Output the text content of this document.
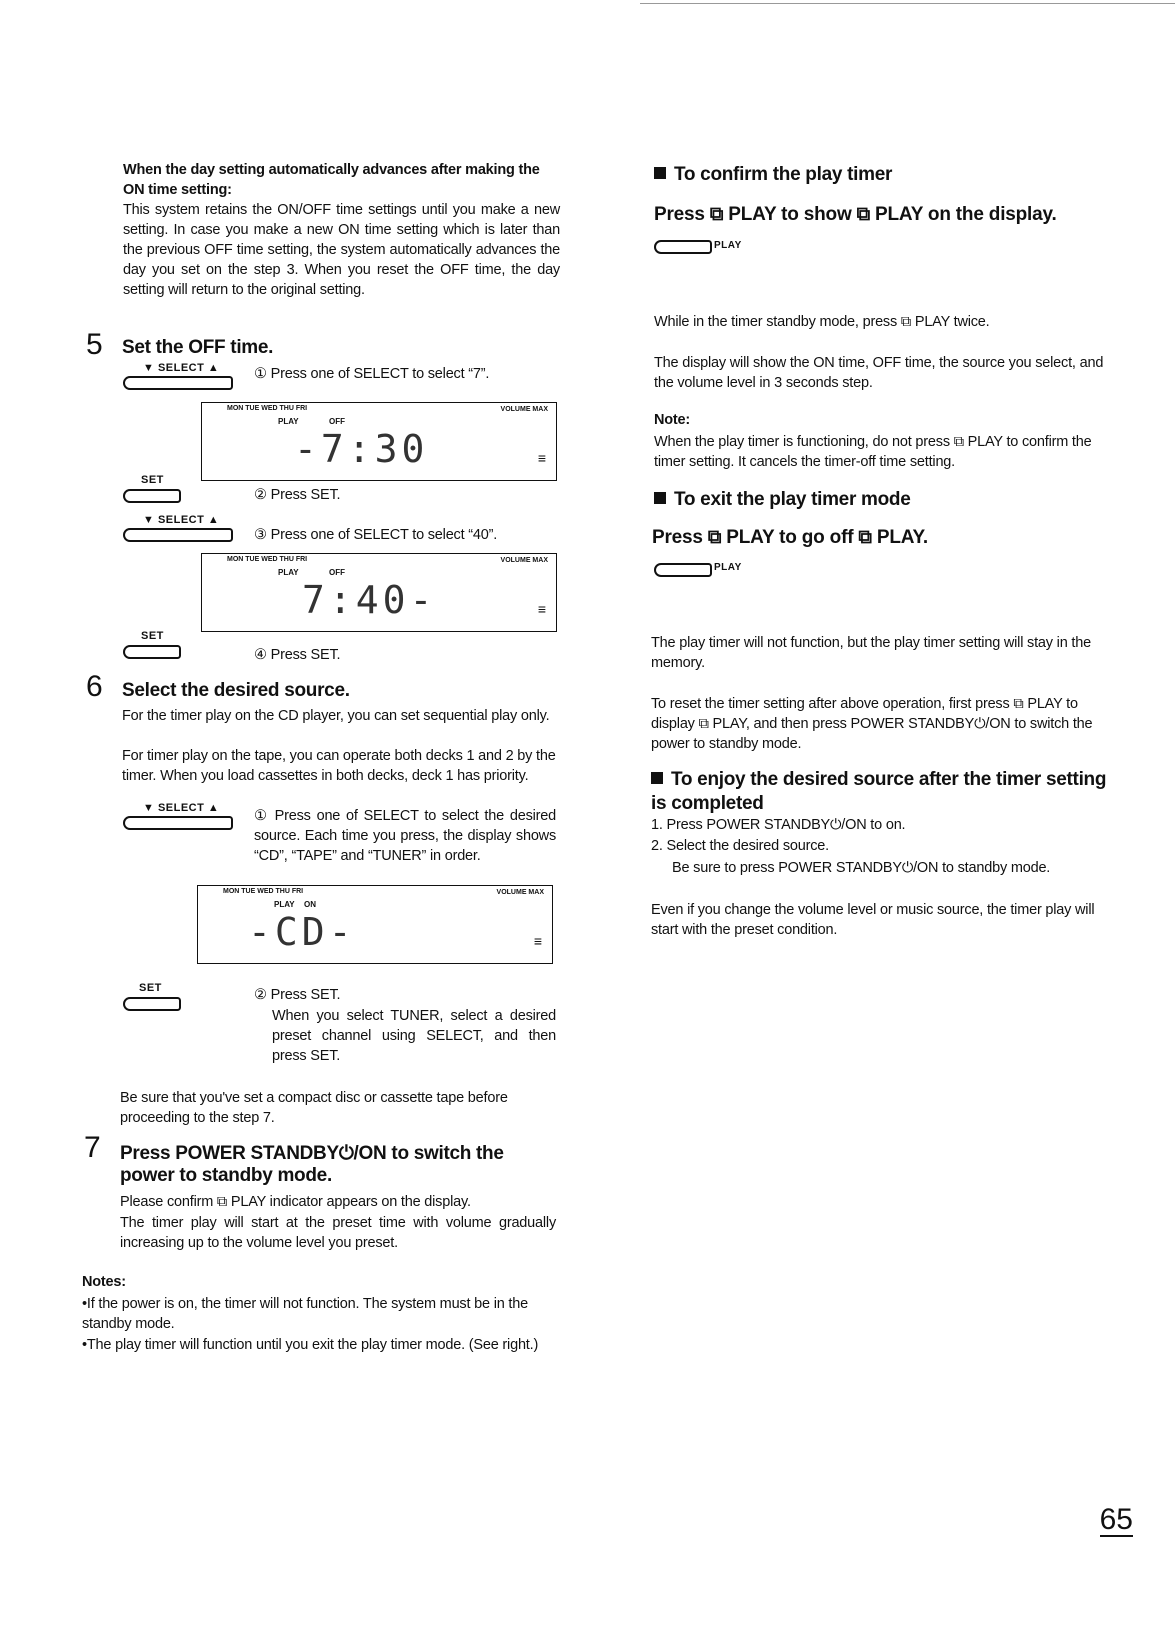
When the day setting automatically advances after making the ON time setting:
This system retains the ON/OFF time settings until you make a new setting. In case you make a new ON time setting which is later than the previous OFF time setting, the system automatically advances the day you set on the step 3. When you reset the OFF time, the day setting will return to the original setting.
5 Set the OFF time.
▼ SELECT ▲ ① Press one of SELECT to select “7”.
MON TUE WED THU FRI
PLAY	OFF
VOLUME MAX
-7:30	≡
SET
② Press SET.
▼ SELECT ▲
③ Press one of SELECT to select “40”.
MON TUE WED THU FRI
PLAY	OFF
VOLUME MAX
7:40-	≡
SET
④ Press SET.
6 Select the desired source.
For the timer play on the CD player, you can set sequential play only.
For timer play on the tape, you can operate both decks 1 and 2 by the timer. When you load cassettes in both decks, deck 1 has priority.
▼ SELECT ▲ ① Press one of SELECT to select the desired source. Each time you press, the display shows “CD”, “TAPE” and “TUNER” in order.
MON TUE WED THU FRI
PLAY ON
VOLUME MAX
-CD-	≡
SET	② Press SET.
When you select TUNER, select a desired preset channel using SELECT, and then press SET.
Be sure that you've set a compact disc or cassette tape before proceeding to the step 7.
7 Press POWER STANDBY⏻/ON to switch the power to standby mode.
Please confirm ⧉ PLAY indicator appears on the display.
The timer play will start at the preset time with volume gradually increasing up to the volume level you preset.
Notes:
•If the power is on, the timer will not function. The system must be in the standby mode.
•The play timer will function until you exit the play timer mode. (See right.)
To confirm the play timer
Press ⧉ PLAY to show ⧉ PLAY on the display.
PLAY
While in the timer standby mode, press ⧉ PLAY twice.
The display will show the ON time, OFF time, the source you select, and the volume level in 3 seconds step.
Note:
When the play timer is functioning, do not press ⧉ PLAY to confirm the timer setting. It cancels the timer-off time setting.
To exit the play timer mode
Press ⧉ PLAY to go off ⧉ PLAY.
PLAY
The play timer will not function, but the play timer setting will stay in the memory.
To reset the timer setting after above operation, first press ⧉ PLAY to display ⧉ PLAY, and then press POWER STANDBY⏻/ON to switch the power to standby mode.
To enjoy the desired source after the timer setting is completed
1. Press POWER STANDBY⏻/ON to on.
2. Select the desired source.
Be sure to press POWER STANDBY⏻/ON to standby mode.
Even if you change the volume level or music source, the timer play will start with the preset condition.
65
